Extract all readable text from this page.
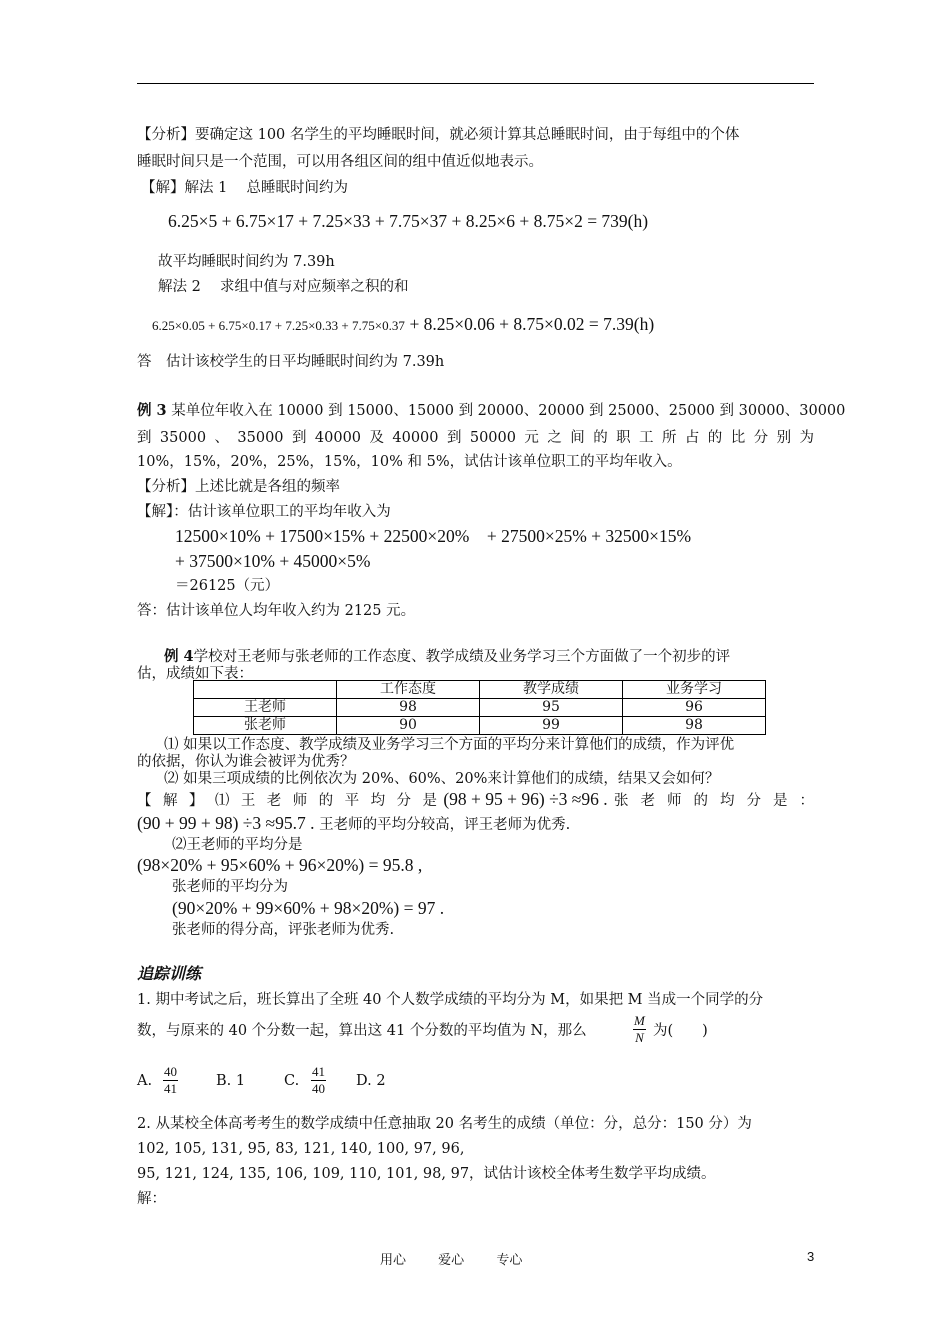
【分析】要确定这 100 名学生的平均睡眠时间，就必须计算其总睡眠时间，由于每组中的个体
睡眠时间只是一个范围，可以用各组区间的组中值近似地表示。
【解】解法 1　 总睡眠时间约为
6.25×5 + 6.75×17 + 7.25×33 + 7.75×37 + 8.25×6 + 8.75×2 = 739(h)
故平均睡眠时间约为 7.39h
解法 2　 求组中值与对应频率之积的和
6.25×0.05 + 6.75×0.17 + 7.25×0.33 + 7.75×0.37 + 8.25×0.06 + 8.75×0.02 = 7.39(h)
答　估计该校学生的日平均睡眠时间约为 7.39h
例 3 某单位年收入在 10000 到 15000、15000 到 20000、20000 到 25000、25000 到 30000、30000
到 35000 、 35000 到 40000 及 40000 到 50000 元 之 间 的 职 工 所 占 的 比 分 别 为
10%，15%，20%，25%，15%，10% 和 5%，试估计该单位职工的平均年收入。
【分析】上述比就是各组的频率
【解】：估计该单位职工的平均年收入为
12500×10% + 17500×15% + 22500×20%　+ 27500×25% + 32500×15%
+ 37500×10% + 45000×5%
＝26125（元）
答：估计该单位人均年收入约为 2125 元。
例 4学校对王老师与张老师的工作态度、教学成绩及业务学习三个方面做了一个初步的评
估，成绩如下表：
	工作态度	教学成绩	业务学习
王老师	98	95	96
张老师	90	99	98
⑴ 如果以工作态度、教学成绩及业务学习三个方面的平均分来计算他们的成绩，作为评优
的依据，你认为谁会被评为优秀？
⑵ 如果三项成绩的比例依次为 20%、60%、20%来计算他们的成绩，结果又会如何？
【 解 】 ⑴ 王 老 师 的 平 均 分 是 (98 + 95 + 96) ÷3 ≈96 . 张 老 师 的 均 分 是 ：
(90 + 99 + 98) ÷3 ≈95.7 . 王老师的平均分较高，评王老师为优秀.
⑵王老师的平均分是
(98×20% + 95×60% + 96×20%) = 95.8 ,
张老师的平均分为
(90×20% + 99×60% + 98×20%) = 97 .
张老师的得分高，评张老师为优秀.
追踪训练
1. 期中考试之后，班长算出了全班 40 个人数学成绩的平均分为 M，如果把 M 当成一个同学的分
数，与原来的 40 个分数一起，算出这 41 个分数的平均值为 N，那么	$\frac{M}{N}$ 为(　　)
A. $\frac{40}{41}$	B. 1	C. $\frac{41}{40} D$. 2
2. 从某校全体高考考生的数学成绩中任意抽取 20 名考生的成绩（单位：分，总分：150 分）为
102, 105, 131, 95, 83, 121, 140, 100, 97, 96,
95, 121, 124, 135, 106, 109, 110, 101, 98, 97，试估计该校全体考生数学平均成绩。
解：
用心 爱心 专心	3
